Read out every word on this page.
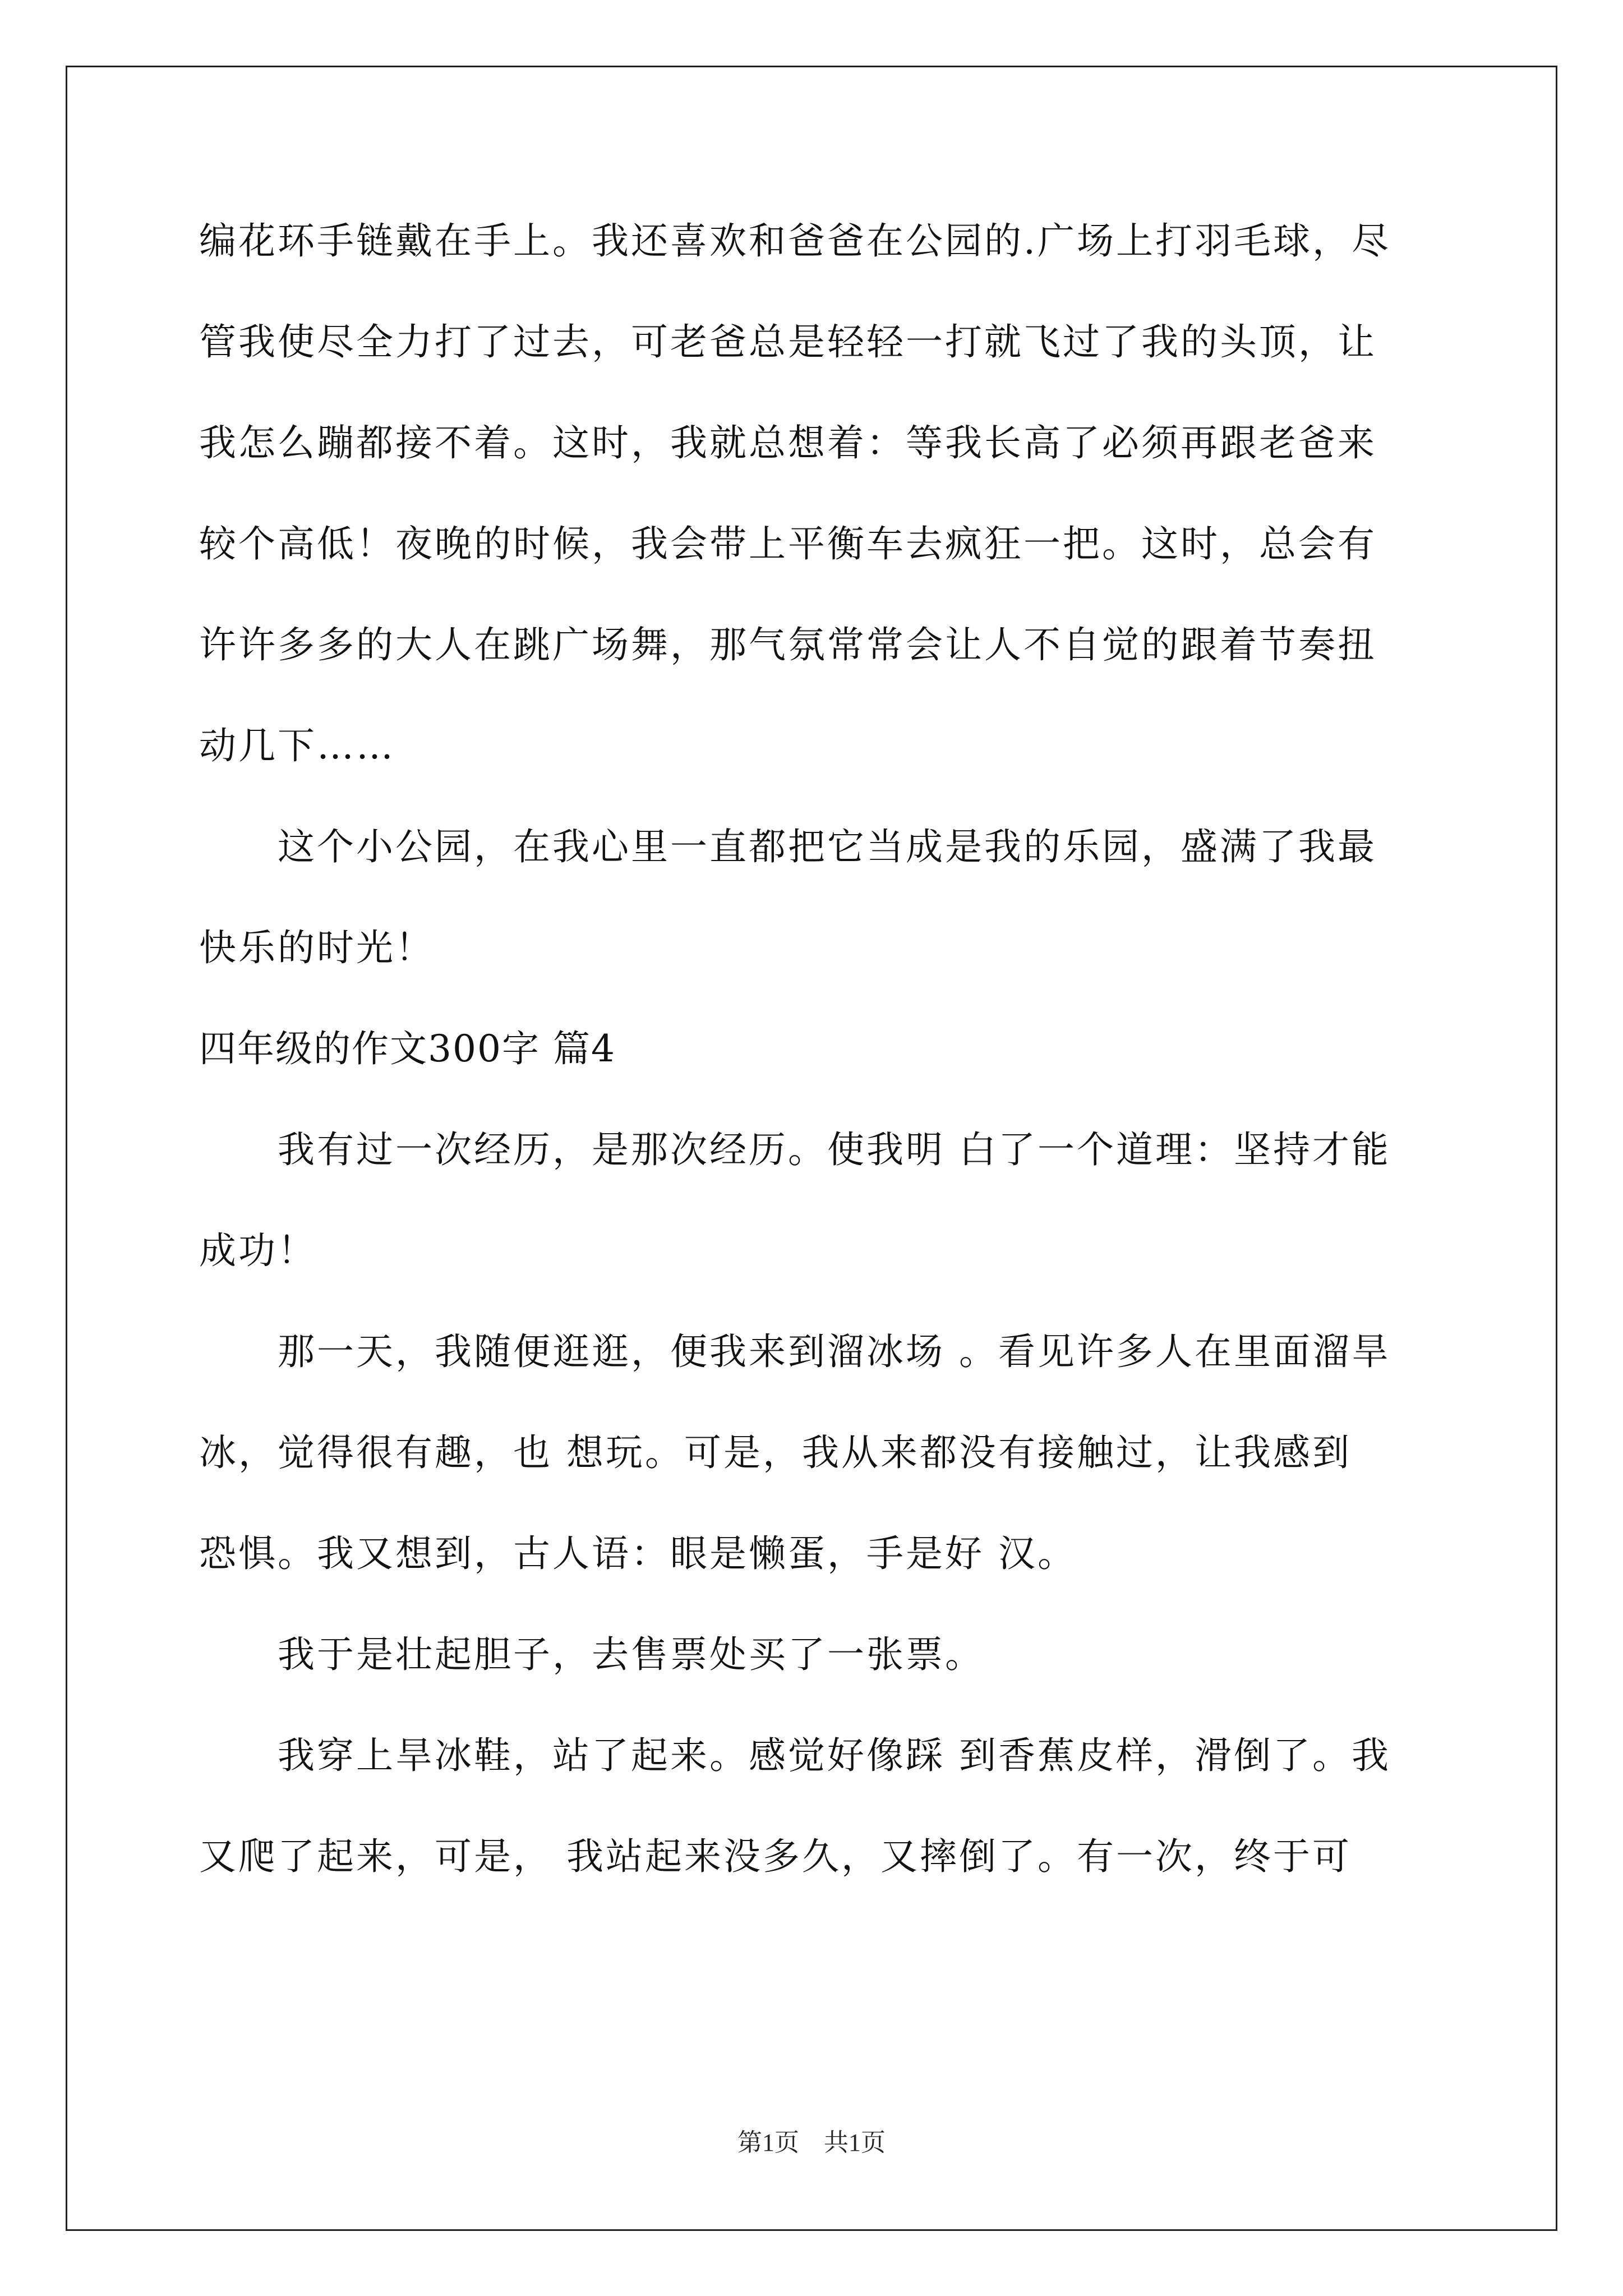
编花环手链戴在手上。我还喜欢和爸爸在公园的.广场上打羽毛球，尽
管我使尽全力打了过去，可老爸总是轻轻一打就飞过了我的头顶，让
我怎么蹦都接不着。这时，我就总想着：等我长高了必须再跟老爸来
较个高低！夜晚的时候，我会带上平衡车去疯狂一把。这时，总会有
许许多多的大人在跳广场舞，那气氛常常会让人不自觉的跟着节奏扭
动几下……
这个小公园，在我心里一直都把它当成是我的乐园，盛满了我最
快乐的时光！
四年级的作文300字 篇4
我有过一次经历，是那次经历。使我明 白了一个道理：坚持才能
成功！
那一天，我随便逛逛，便我来到溜冰场 。看见许多人在里面溜旱
冰，觉得很有趣，也 想玩。可是，我从来都没有接触过，让我感到
恐惧。我又想到，古人语：眼是懒蛋，手是好 汉。
我于是壮起胆子，去售票处买了一张票。
我穿上旱冰鞋，站了起来。感觉好像踩 到香蕉皮样，滑倒了。我
又爬了起来，可是， 我站起来没多久，又摔倒了。有一次，终于可
第1页　共1页
